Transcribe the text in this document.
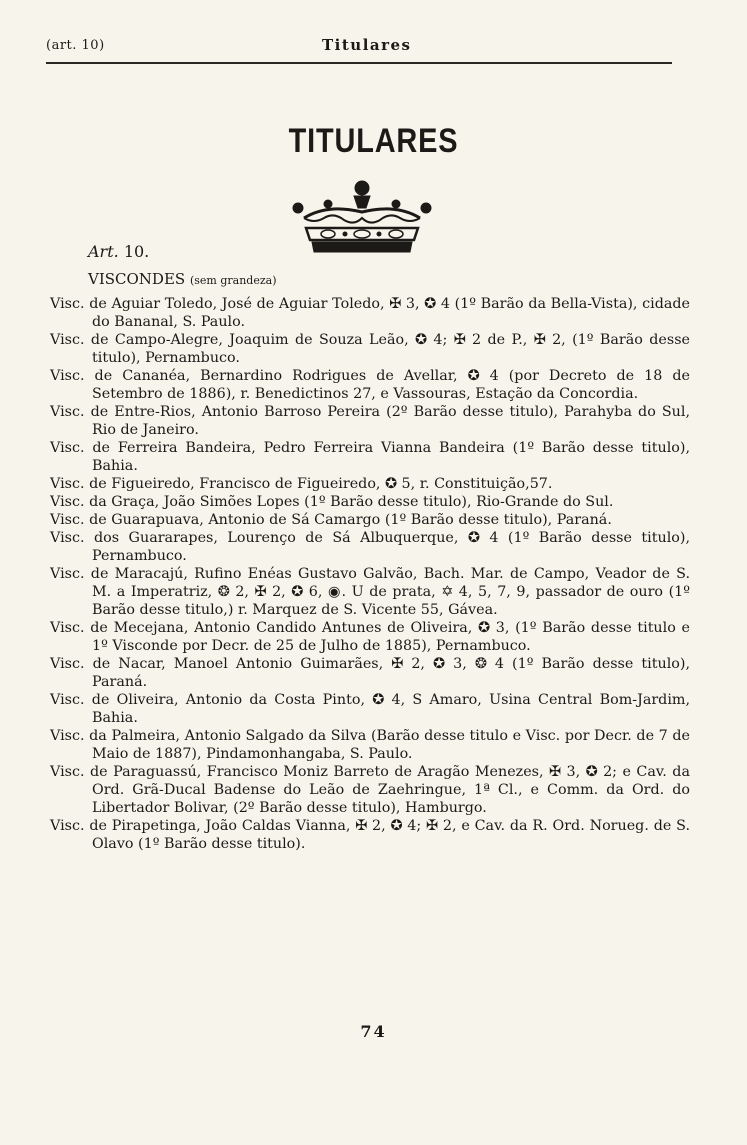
(art. 10)	Titulares
TITULARES
Art. 10.
VISCONDES (sem grandeza)

Visc. de Aguiar Toledo, José de Aguiar Toledo, ✠ 3, ✪ 4 (1º Barão da Bella-Vista), cidade do Bananal, S. Paulo.

Visc. de Campo-Alegre, Joaquim de Souza Leão, ✪ 4; ✠ 2 de P., ✠ 2, (1º Barão desse titulo), Pernambuco.

Visc. de Cananéa, Bernardino Rodrigues de Avellar, ✪ 4 (por Decreto de 18 de Setembro de 1886), r. Benedictinos 27, e Vassouras, Estação da Concordia.

Visc. de Entre-Rios, Antonio Barroso Pereira (2º Barão desse titulo), Parahyba do Sul, Rio de Janeiro.

Visc. de Ferreira Bandeira, Pedro Ferreira Vianna Bandeira (1º Barão desse titulo), Bahia.

Visc. de Figueiredo, Francisco de Figueiredo, ✪ 5, r. Constituição,57.

Visc. da Graça, João Simões Lopes (1º Barão desse titulo), Rio-Grande do Sul.

Visc. de Guarapuava, Antonio de Sá Camargo (1º Barão desse titulo), Paraná.

Visc. dos Guararapes, Lourenço de Sá Albuquerque, ✪ 4 (1º Barão desse titulo), Pernambuco.

Visc. de Maracajú, Rufino Enéas Gustavo Galvão, Bach. Mar. de Campo, Veador de S. M. a Imperatriz, ❂ 2, ✠ 2, ✪ 6, ◉. U de prata, ✡ 4, 5, 7, 9, passador de ouro (1º Barão desse titulo,) r. Marquez de S. Vicente 55, Gávea.

Visc. de Mecejana, Antonio Candido Antunes de Oliveira, ✪ 3, (1º Barão desse titulo e 1º Visconde por Decr. de 25 de Julho de 1885), Pernambuco.

Visc. de Nacar, Manoel Antonio Guimarães, ✠ 2, ✪ 3, ❂ 4 (1º Barão desse titulo), Paraná.

Visc. de Oliveira, Antonio da Costa Pinto, ✪ 4, S Amaro, Usina Central Bom-Jardim, Bahia.

Visc. da Palmeira, Antonio Salgado da Silva (Barão desse titulo e Visc. por Decr. de 7 de Maio de 1887), Pindamonhangaba, S. Paulo.

Visc. de Paraguassú, Francisco Moniz Barreto de Aragão Menezes, ✠ 3, ✪ 2; e Cav. da Ord. Grã-Ducal Badense do Leão de Zaehringue, 1ª Cl., e Comm. da Ord. do Libertador Bolivar, (2º Barão desse titulo), Hamburgo.

Visc. de Pirapetinga, João Caldas Vianna, ✠ 2, ✪ 4; ✠ 2, e Cav. da R. Ord. Norueg. de S. Olavo (1º Barão desse titulo).

74
